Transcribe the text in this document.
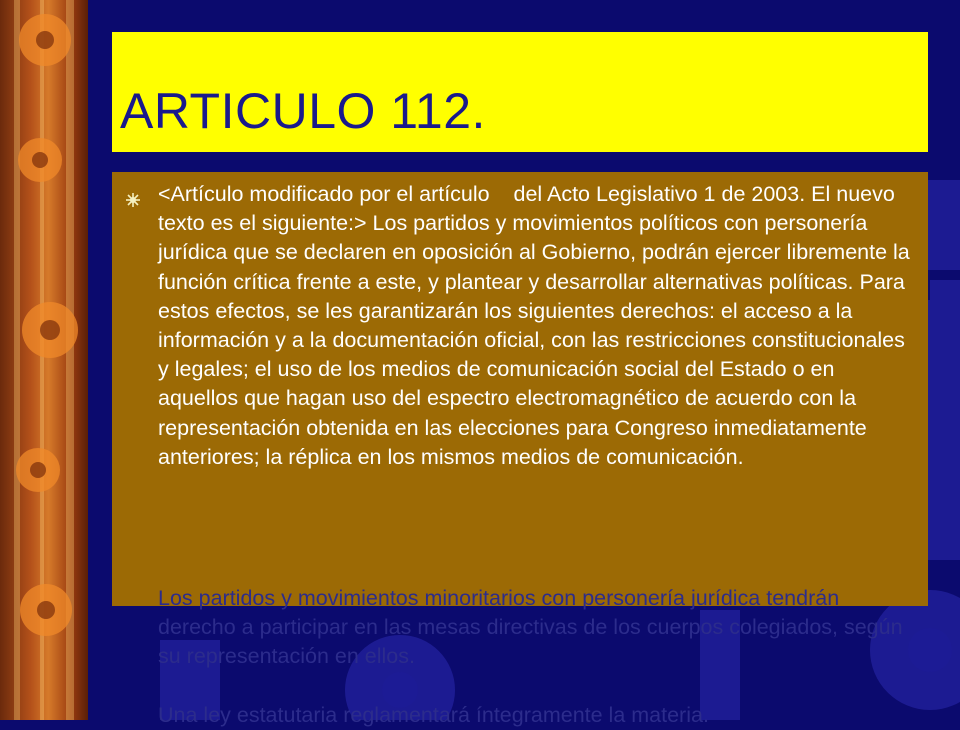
ARTICULO 112.

<Artículo modificado por el artículo    del Acto Legislativo 1 de 2003. El nuevo texto es el siguiente:> Los partidos y movimientos políticos con personería jurídica que se declaren en oposición al Gobierno, podrán ejercer libremente la función crítica frente a este, y plantear y desarrollar alternativas políticas. Para estos efectos, se les garantizarán los siguientes derechos: el acceso a la información y a la documentación oficial, con las restricciones constitucionales y legales; el uso de los medios de comunicación social del Estado o en aquellos que hagan uso del espectro electromagnético de acuerdo con la representación obtenida en las elecciones para Congreso inmediatamente anteriores; la réplica en los mismos medios de comunicación.

Los partidos y movimientos minoritarios con personería jurídica tendrán derecho a participar en las mesas directivas de los cuerpos colegiados, según su representación en ellos.

Una ley estatutaria reglamentará íntegramente la materia.
